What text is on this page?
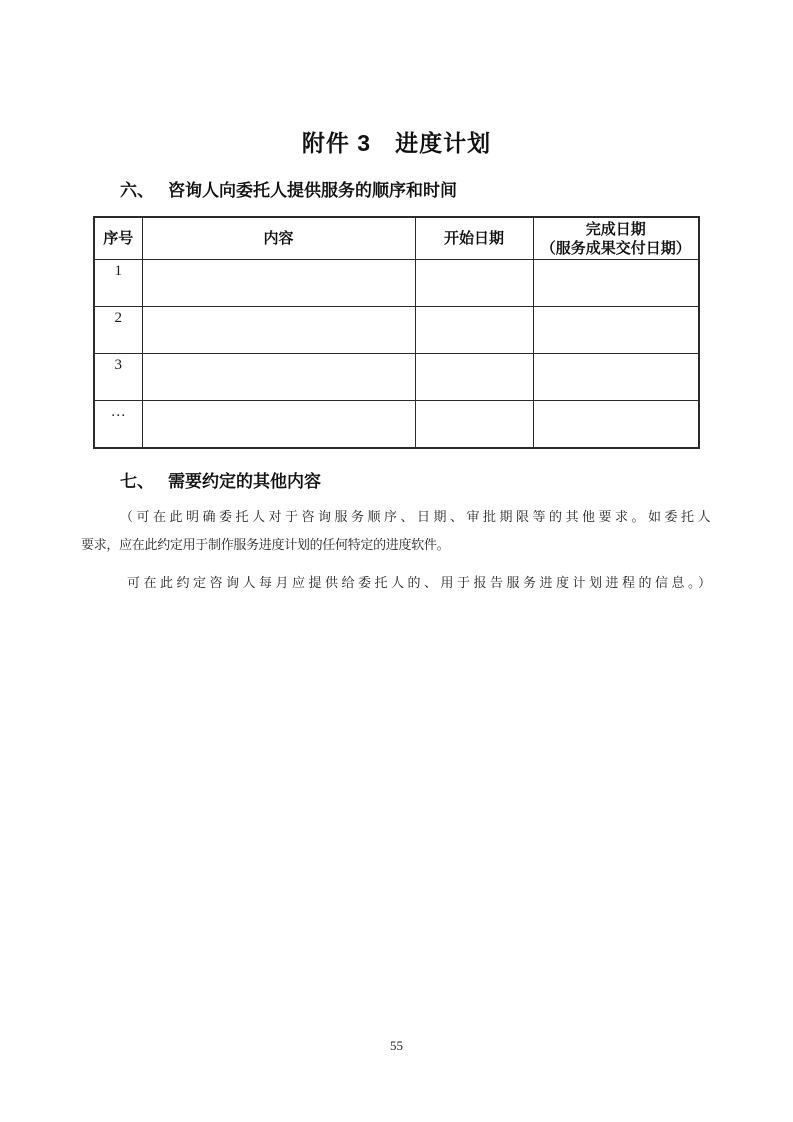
附件 3　进度计划
六、 咨询人向委托人提供服务的顺序和时间
序号	内容	开始日期	完成日期
（服务成果交付日期）

1			
2			
3			
…			
七、 需要约定的其他内容
（可在此明确委托人对于咨询服务顺序、日期、审批期限等的其他要求。如委托人
要求，应在此约定用于制作服务进度计划的任何特定的进度软件。
可在此约定咨询人每月应提供给委托人的、用于报告服务进度计划进程的信息。）
55
